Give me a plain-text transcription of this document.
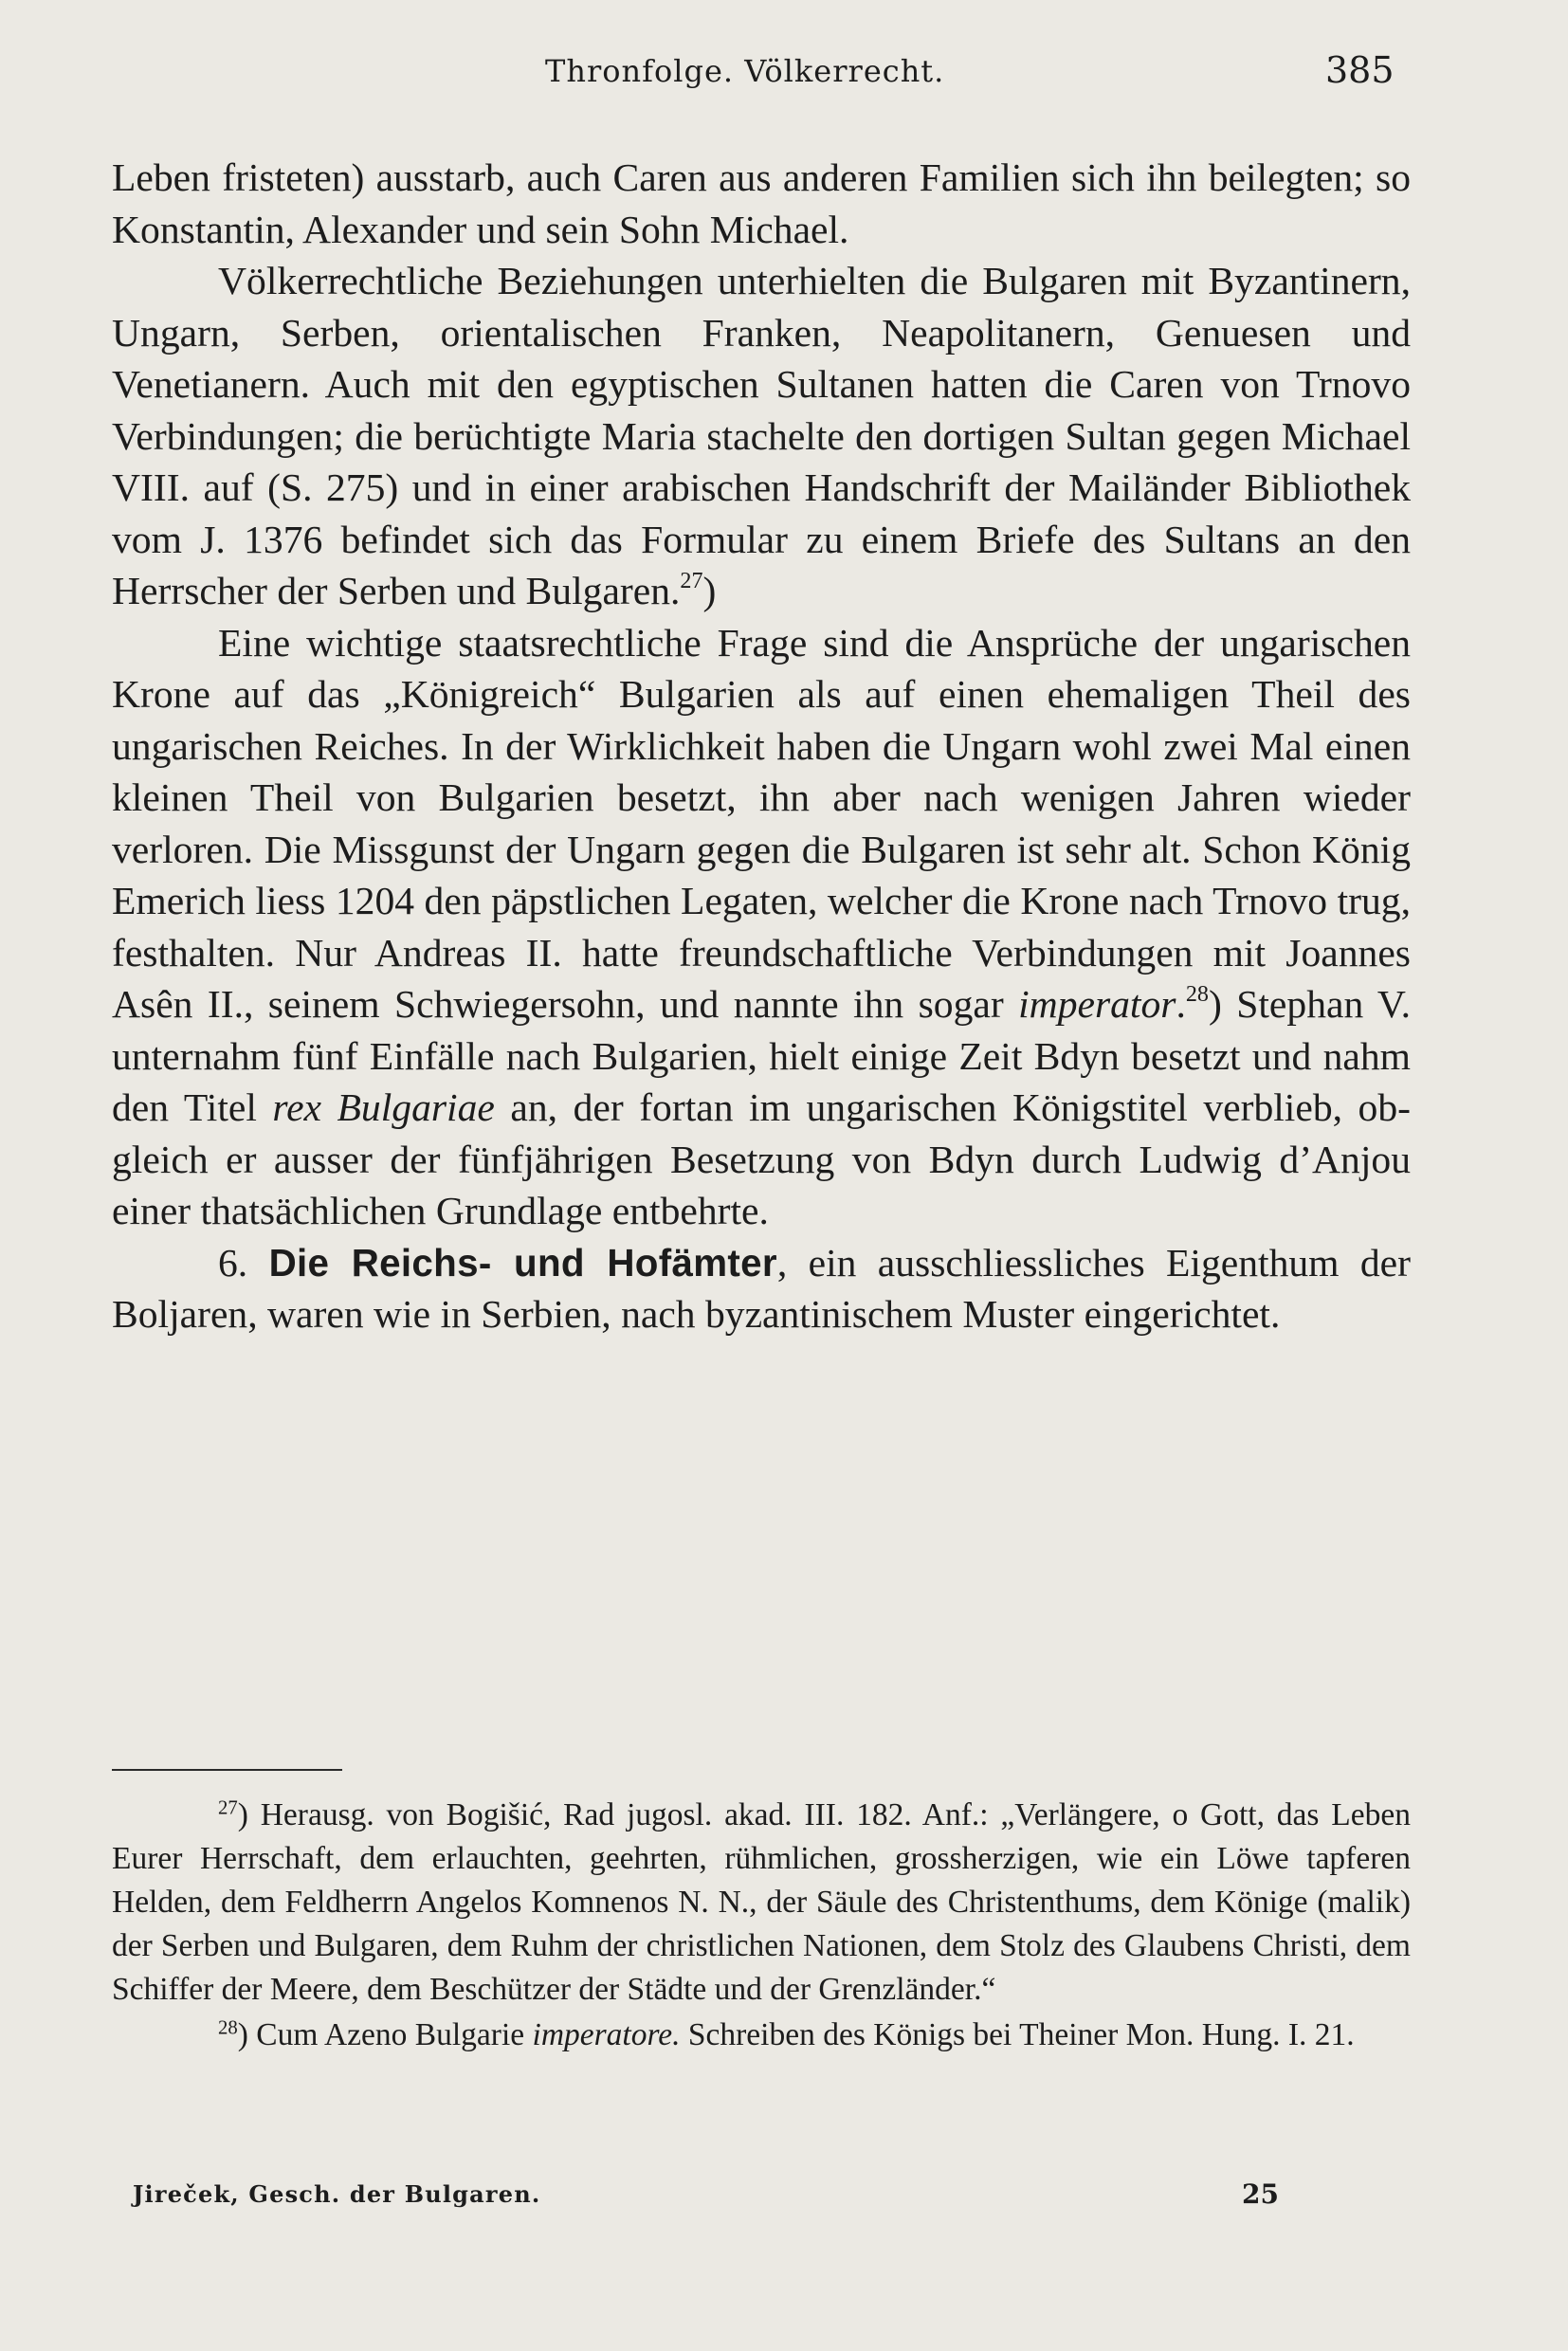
Thronfolge. Völkerrecht.	385

Leben fristeten) ausstarb, auch Caren aus anderen Familien sich ihn beilegten; so Konstantin, Alexander und sein Sohn Michael.

Völkerrechtliche Beziehungen unterhielten die Bulgaren mit Byzantinern, Ungarn, Serben, orientalischen Franken, Neapolitanern, Genuesen und Venetianern. Auch mit den egyptischen Sultanen hatten die Caren von Trnovo Verbindungen; die berüchtigte Maria stachelte den dortigen Sultan gegen Michael VIII. auf (S. 275) und in einer arabischen Handschrift der Mailänder Bibliothek vom J. 1376 befindet sich das Formular zu einem Briefe des Sultans an den Herrscher der Serben und Bulgaren.$^{27}$)

Eine wichtige staatsrechtliche Frage sind die Ansprüche der ungarischen Krone auf das „Königreich“ Bulgarien als auf einen ehemaligen Theil des ungarischen Reiches. In der Wirklichkeit haben die Ungarn wohl zwei Mal einen kleinen Theil von Bulgarien besetzt, ihn aber nach wenigen Jahren wieder verloren. Die Missgunst der Ungarn gegen die Bulgaren ist sehr alt. Schon König Emerich liess 1204 den päpstlichen Legaten, welcher die Krone nach Trnovo trug, festhalten. Nur Andreas II. hatte freundschaftliche Verbindungen mit Joannes Asên II., seinem Schwiegersohn, und nannte ihn sogar imperator.$^{28}$) Stephan V. unternahm fünf Einfälle nach Bulgarien, hielt einige Zeit Bdyn besetzt und nahm den Titel rex Bulgariae an, der fortan im ungarischen Königstitel verblieb, obgleich er ausser der fünfjährigen Besetzung von Bdyn durch Ludwig d’Anjou einer thatsächlichen Grundlage entbehrte.

6. Die Reichs- und Hofämter, ein ausschliessliches Eigenthum der Boljaren, waren wie in Serbien, nach byzantinischem Muster eingerichtet.

$^{27}$) Herausg. von Bogišić, Rad jugosl. akad. III. 182. Anf.: „Verlängere, o Gott, das Leben Eurer Herrschaft, dem erlauchten, geehrten, rühmlichen, grossherzigen, wie ein Löwe tapferen Helden, dem Feldherrn Angelos Komnenos N. N., der Säule des Christenthums, dem Könige (malik) der Serben und Bulgaren, dem Ruhm der christlichen Nationen, dem Stolz des Glaubens Christi, dem Schiffer der Meere, dem Beschützer der Städte und der Grenzländer.“

$^{28}$) Cum Azeno Bulgarie imperatore. Schreiben des Königs bei Theiner Mon. Hung. I. 21.

Jireček, Gesch. der Bulgaren.	25
